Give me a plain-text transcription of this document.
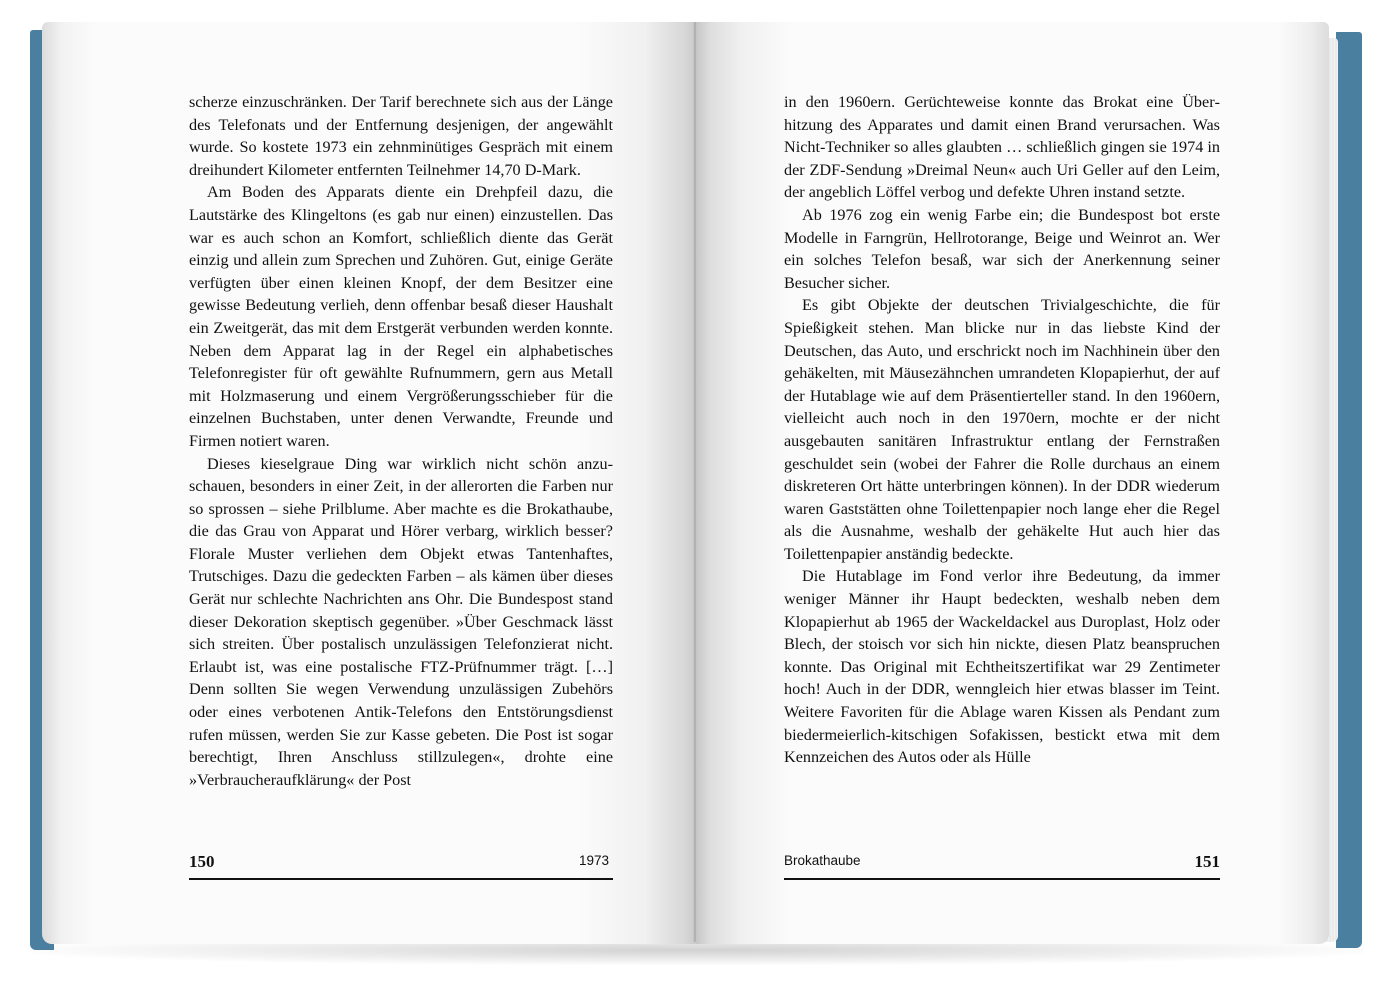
scherze einzuschränken. Der Tarif berechnete sich aus der Länge des Telefonats und der Entfernung desjenigen, der angewählt wurde. So kostete 1973 ein zehnminütiges Gespräch mit einem dreihundert Kilometer entfernten Teilnehmer 14,70 D-Mark.

Am Boden des Apparats diente ein Drehpfeil dazu, die Lautstärke des Klingeltons (es gab nur einen) einzustellen. Das war es auch schon an Komfort, schließlich diente das Gerät einzig und allein zum Sprechen und Zuhören. Gut, einige Geräte verfügten über einen kleinen Knopf, der dem Besitzer eine gewisse Bedeutung verlieh, denn offenbar besaß dieser Haushalt ein Zweitgerät, das mit dem Erstgerät verbunden werden konnte. Neben dem Apparat lag in der Regel ein alphabetisches Telefonregister für oft gewählte Rufnummern, gern aus Metall mit Holzmaserung und einem Vergrößerungsschieber für die einzelnen Buchstaben, unter denen Verwandte, Freunde und Firmen notiert waren.

Dieses kieselgraue Ding war wirklich nicht schön anzuschauen, besonders in einer Zeit, in der allerorten die Farben nur so sprossen – siehe Prilblume. Aber machte es die Brokathaube, die das Grau von Apparat und Hörer verbarg, wirklich besser? Florale Muster verliehen dem Objekt etwas Tantenhaftes, Trutschiges. Dazu die gedeckten Farben – als kämen über dieses Gerät nur schlechte Nachrichten ans Ohr. Die Bundespost stand dieser Dekoration skeptisch gegenüber. »Über Geschmack lässt sich streiten. Über postalisch unzulässigen Telefonzierat nicht. Erlaubt ist, was eine postalische FTZ-Prüfnummer trägt. […] Denn sollten Sie wegen Verwendung unzulässigen Zubehörs oder eines verbotenen Antik-Telefons den Entstörungsdienst rufen müssen, werden Sie zur Kasse gebeten. Die Post ist sogar berechtigt, Ihren Anschluss stillzulegen«, drohte eine »Verbraucheraufklärung« der Post

in den 1960ern. Gerüchteweise konnte das Brokat eine Überhitzung des Apparates und damit einen Brand verursachen. Was Nicht-Techniker so alles glaubten … schließlich gingen sie 1974 in der ZDF-Sendung »Dreimal Neun« auch Uri Geller auf den Leim, der angeblich Löffel verbog und defekte Uhren instand setzte.

Ab 1976 zog ein wenig Farbe ein; die Bundespost bot erste Modelle in Farngrün, Hellrotorange, Beige und Weinrot an. Wer ein solches Telefon besaß, war sich der Anerkennung seiner Besucher sicher.

Es gibt Objekte der deutschen Trivialgeschichte, die für Spießigkeit stehen. Man blicke nur in das liebste Kind der Deutschen, das Auto, und erschrickt noch im Nachhinein über den gehäkelten, mit Mäusezähnchen umrandeten Klopapierhut, der auf der Hutablage wie auf dem Präsentierteller stand. In den 1960ern, vielleicht auch noch in den 1970ern, mochte er der nicht ausgebauten sanitären Infrastruktur entlang der Fernstraßen geschuldet sein (wobei der Fahrer die Rolle durchaus an einem diskreteren Ort hätte unterbringen können). In der DDR wiederum waren Gaststätten ohne Toilettenpapier noch lange eher die Regel als die Ausnahme, weshalb der gehäkelte Hut auch hier das Toilettenpapier anständig bedeckte.

Die Hutablage im Fond verlor ihre Bedeutung, da immer weniger Männer ihr Haupt bedeckten, weshalb neben dem Klopapierhut ab 1965 der Wackeldackel aus Duroplast, Holz oder Blech, der stoisch vor sich hin nickte, diesen Platz beanspruchen konnte. Das Original mit Echtheitszertifikat war 29 Zentimeter hoch! Auch in der DDR, wenngleich hier etwas blasser im Teint. Weitere Favoriten für die Ablage waren Kissen als Pendant zum biedermeierlich-kitschigen Sofakissen, bestickt etwa mit dem Kennzeichen des Autos oder als Hülle

150	1973	Brokathaube	151
